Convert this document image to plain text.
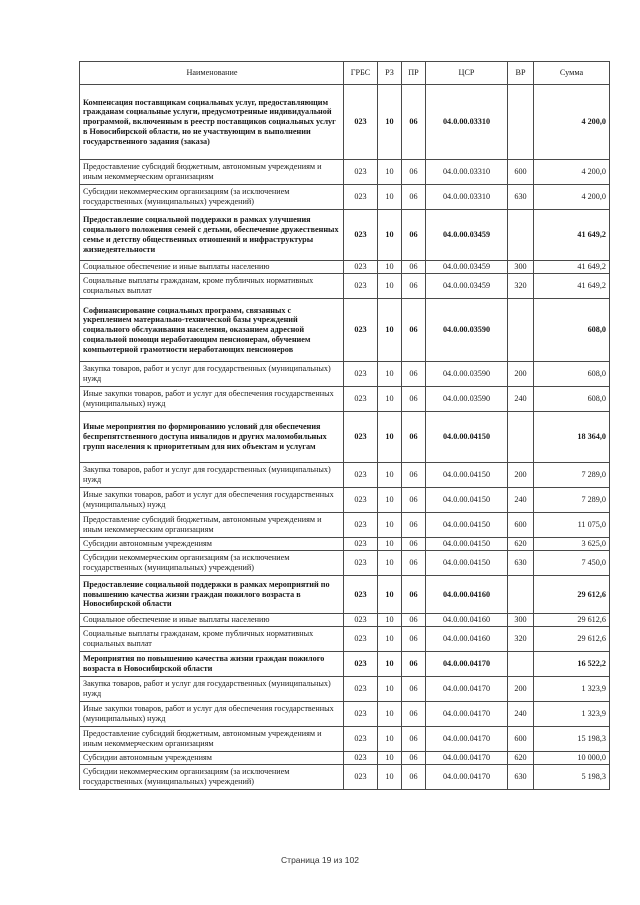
Наименование	ГРБС	РЗ	ПР	ЦСР	ВР	Сумма
Компенсация поставщикам социальных услуг, предоставляющим гражданам социальные услуги, предусмотренные индивидуальной программой, включенным в реестр поставщиков социальных услуг в Новосибирской области, но не участвующим в выполнении государственного задания (заказа)	023	10	06	04.0.00.03310		4 200,0
Предоставление субсидий бюджетным, автономным учреждениям и иным некоммерческим организациям	023	10	06	04.0.00.03310	600	4 200,0
Субсидии некоммерческим организациям (за исключением государственных (муниципальных) учреждений)	023	10	06	04.0.00.03310	630	4 200,0
Предоставление социальной поддержки в рамках улучшения социального положения семей с детьми, обеспечение дружественных семье и детству общественных отношений и инфраструктуры жизнедеятельности	023	10	06	04.0.00.03459		41 649,2
Социальное обеспечение и иные выплаты населению	023	10	06	04.0.00.03459	300	41 649,2
Социальные выплаты гражданам, кроме публичных нормативных социальных выплат	023	10	06	04.0.00.03459	320	41 649,2
Софинансирование социальных программ, связанных с укреплением материально-технической базы учреждений социального обслуживания населения, оказанием адресной социальной помощи неработающим пенсионерам, обучением компьютерной грамотности неработающих пенсионеров	023	10	06	04.0.00.03590		608,0
Закупка товаров, работ и услуг для государственных (муниципальных) нужд	023	10	06	04.0.00.03590	200	608,0
Иные закупки товаров, работ и услуг для обеспечения государственных (муниципальных) нужд	023	10	06	04.0.00.03590	240	608,0
Иные мероприятия по формированию условий для обеспечения беспрепятственного доступа инвалидов и других маломобильных групп населения к приоритетным для них объектам и услугам	023	10	06	04.0.00.04150		18 364,0
Закупка товаров, работ и услуг для государственных (муниципальных) нужд	023	10	06	04.0.00.04150	200	7 289,0
Иные закупки товаров, работ и услуг для обеспечения государственных (муниципальных) нужд	023	10	06	04.0.00.04150	240	7 289,0
Предоставление субсидий бюджетным, автономным учреждениям и иным некоммерческим организациям	023	10	06	04.0.00.04150	600	11 075,0
Субсидии автономным учреждениям	023	10	06	04.0.00.04150	620	3 625,0
Субсидии некоммерческим организациям (за исключением государственных (муниципальных) учреждений)	023	10	06	04.0.00.04150	630	7 450,0
Предоставление социальной поддержки в рамках мероприятий по повышению качества жизни граждан пожилого возраста в Новосибирской области	023	10	06	04.0.00.04160		29 612,6
Социальное обеспечение и иные выплаты населению	023	10	06	04.0.00.04160	300	29 612,6
Социальные выплаты гражданам, кроме публичных нормативных социальных выплат	023	10	06	04.0.00.04160	320	29 612,6
Мероприятия по повышению качества жизни граждан пожилого возраста в Новосибирской области	023	10	06	04.0.00.04170		16 522,2
Закупка товаров, работ и услуг для государственных (муниципальных) нужд	023	10	06	04.0.00.04170	200	1 323,9
Иные закупки товаров, работ и услуг для обеспечения государственных (муниципальных) нужд	023	10	06	04.0.00.04170	240	1 323,9
Предоставление субсидий бюджетным, автономным учреждениям и иным некоммерческим организациям	023	10	06	04.0.00.04170	600	15 198,3
Субсидии автономным учреждениям	023	10	06	04.0.00.04170	620	10 000,0
Субсидии некоммерческим организациям (за исключением государственных (муниципальных) учреждений)	023	10	06	04.0.00.04170	630	5 198,3
Страница 19 из 102
